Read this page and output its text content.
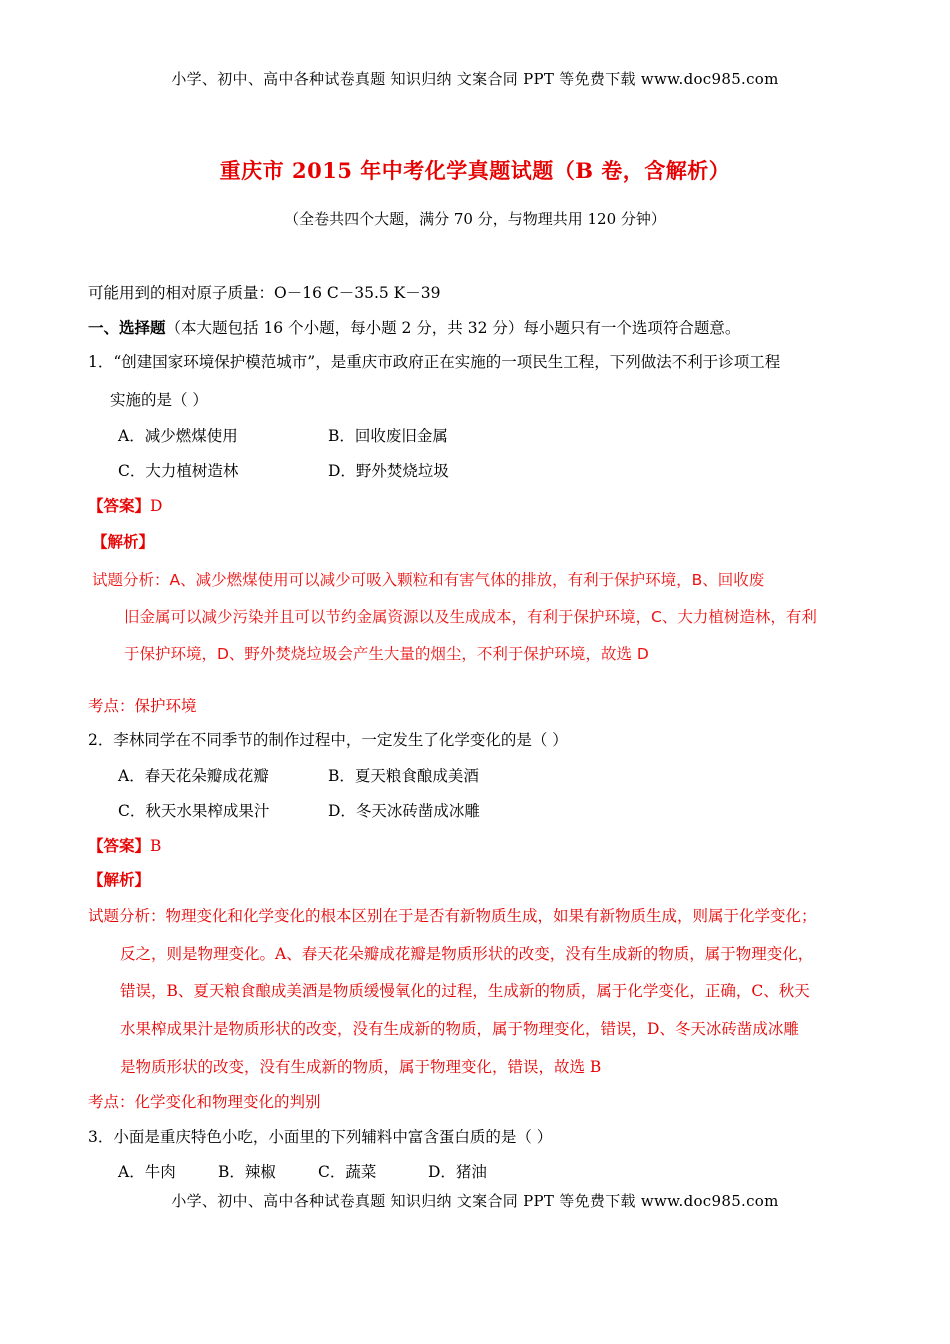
小学、初中、高中各种试卷真题 知识归纳 文案合同 PPT 等免费下载 www.doc985.com
重庆市 2015 年中考化学真题试题（B 卷，含解析）
（全卷共四个大题，满分 70 分，与物理共用 120 分钟）
可能用到的相对原子质量：O－16 C－35.5 K－39
一、选择题（本大题包括 16 个小题，每小题 2 分，共 32 分）每小题只有一个选项符合题意。
1．“创建国家环境保护模范城市”，是重庆市政府正在实施的一项民生工程，下列做法不利于诊项工程
实施的是（ ）
A．减少燃煤使用	B．回收废旧金属
C．大力植树造林	D．野外焚烧垃圾
【答案】D
【解析】
试题分析：A、减少燃煤使用可以减少可吸入颗粒和有害气体的排放，有利于保护环境，B、回收废
旧金属可以减少污染并且可以节约金属资源以及生成成本，有利于保护环境，C、大力植树造林，有利
于保护环境，D、野外焚烧垃圾会产生大量的烟尘，不利于保护环境，故选 D
考点：保护环境
2．李林同学在不同季节的制作过程中，一定发生了化学变化的是（ ）
A．春天花朵瓣成花瓣	B．夏天粮食酿成美酒
C．秋天水果榨成果汁	D．冬天冰砖凿成冰雕
【答案】B
【解析】
试题分析：物理变化和化学变化的根本区别在于是否有新物质生成，如果有新物质生成，则属于化学变化；
反之，则是物理变化。A、春天花朵瓣成花瓣是物质形状的改变，没有生成新的物质，属于物理变化，
错误，B、夏天粮食酿成美酒是物质缓慢氧化的过程，生成新的物质，属于化学变化，正确，C、秋天
水果榨成果汁是物质形状的改变，没有生成新的物质，属于物理变化，错误，D、冬天冰砖凿成冰雕
是物质形状的改变，没有生成新的物质，属于物理变化，错误，故选 B
考点：化学变化和物理变化的判别
3．小面是重庆特色小吃，小面里的下列辅料中富含蛋白质的是（ ）
A．牛肉	B．辣椒	C．蔬菜	D．猪油
小学、初中、高中各种试卷真题 知识归纳 文案合同 PPT 等免费下载 www.doc985.com
